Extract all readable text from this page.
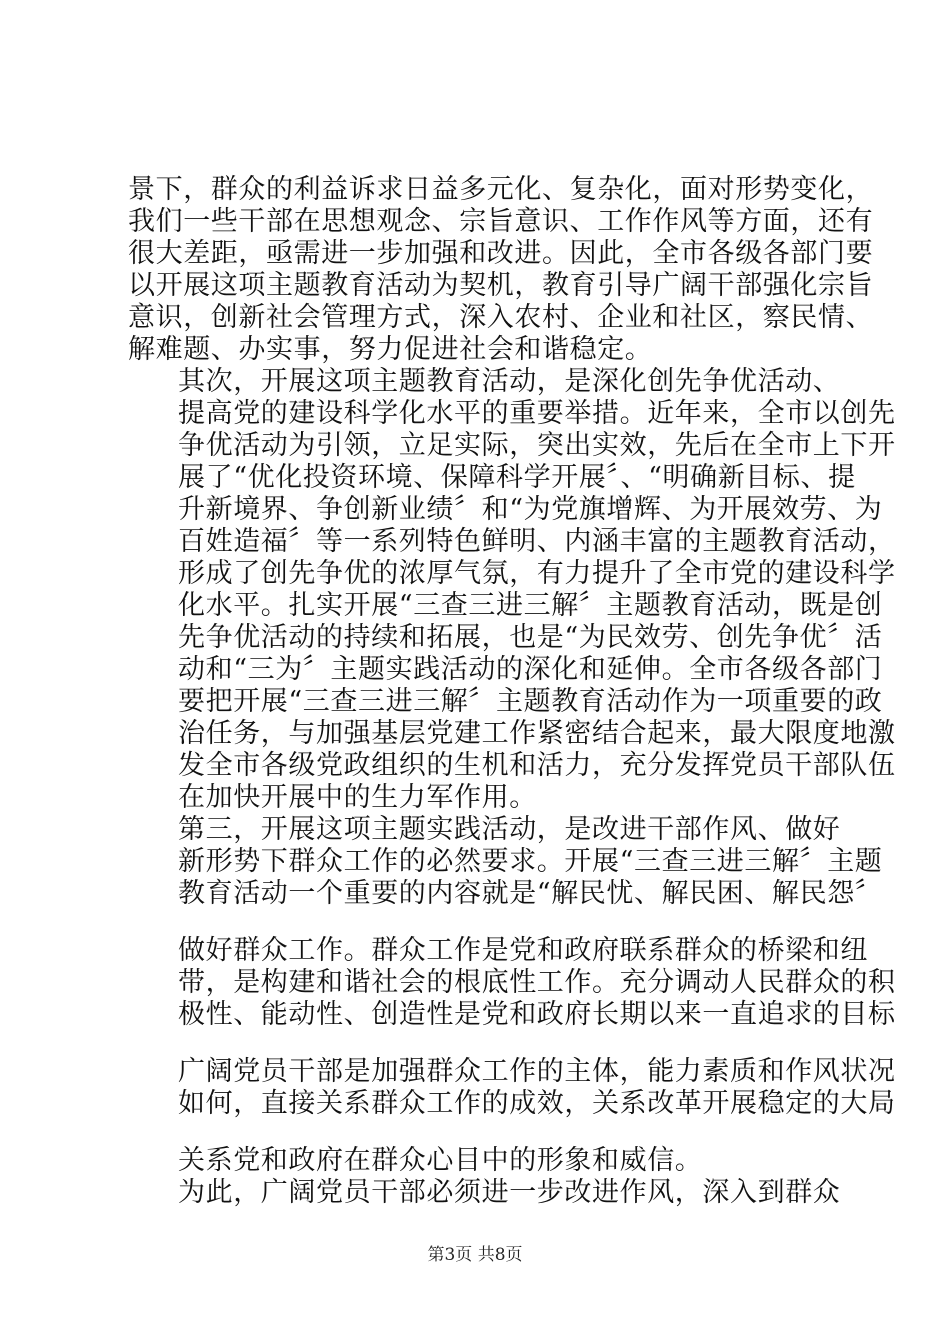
景下，群众的利益诉求日益多元化、复杂化，面对形势变化，
我们一些干部在思想观念、宗旨意识、工作作风等方面，还有
很大差距，亟需进一步加强和改进。因此，全市各级各部门要
以开展这项主题教育活动为契机，教育引导广阔干部强化宗旨
意识，创新社会管理方式，深入农村、企业和社区，察民情、
解难题、办实事，努力促进社会和谐稳定。
其次，开展这项主题教育活动，是深化创先争优活动、
提高党的建设科学化水平的重要举措。近年来，全市以创先
争优活动为引领，立足实际，突出实效，先后在全市上下开
展了“优化投资环境、保障科学开展〞、“明确新目标、提
升新境界、争创新业绩〞和“为党旗增辉、为开展效劳、为
百姓造福〞等一系列特色鲜明、内涵丰富的主题教育活动，
形成了创先争优的浓厚气氛，有力提升了全市党的建设科学
化水平。扎实开展“三查三进三解〞主题教育活动，既是创
先争优活动的持续和拓展，也是“为民效劳、创先争优〞活
动和“三为〞主题实践活动的深化和延伸。全市各级各部门
要把开展“三查三进三解〞主题教育活动作为一项重要的政
治任务，与加强基层党建工作紧密结合起来，最大限度地激
发全市各级党政组织的生机和活力，充分发挥党员干部队伍
在加快开展中的生力军作用。
第三，开展这项主题实践活动，是改进干部作风、做好
新形势下群众工作的必然要求。开展“三查三进三解〞主题
教育活动一个重要的内容就是“解民忧、解民困、解民怨〞
做好群众工作。群众工作是党和政府联系群众的桥梁和纽
带，是构建和谐社会的根底性工作。充分调动人民群众的积
极性、能动性、创造性是党和政府长期以来一直追求的目标
广阔党员干部是加强群众工作的主体，能力素质和作风状况
如何，直接关系群众工作的成效，关系改革开展稳定的大局
关系党和政府在群众心目中的形象和威信。
为此，广阔党员干部必须进一步改进作风，深入到群众
第3页 共8页
